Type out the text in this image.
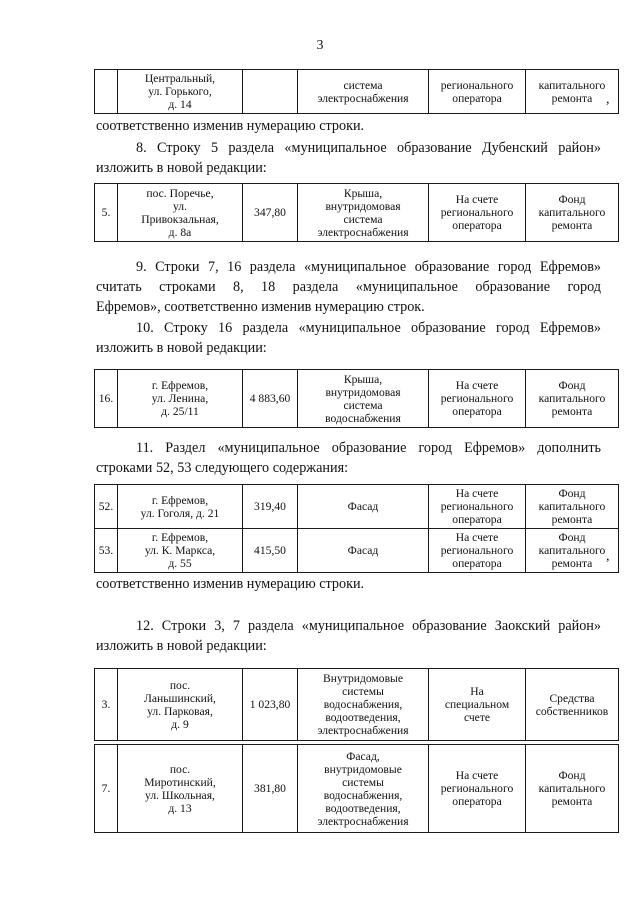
3
	Центральный,
ул. Горького,
д. 14		система
электроснабжения	регионального
оператора	капитального
ремонта ,
соответственно изменив нумерацию строки.
8. Строку 5 раздела «муниципальное образование Дубенский район»
изложить в новой редакции:
5.	пос. Поречье,
ул.
Привокзальная,
д. 8а	347,80	Крыша,
внутридомовая
система
электроснабжения	На счете
регионального
оператора	Фонд
капитального
ремонта
9. Строки 7, 16 раздела «муниципальное образование город Ефремов»
считать строками 8, 18 раздела «муниципальное образование город
Ефремов», соответственно изменив нумерацию строк.
10. Строку 16 раздела «муниципальное образование город Ефремов»
изложить в новой редакции:
16.	г. Ефремов,
ул. Ленина,
д. 25/11	4 883,60	Крыша,
внутридомовая
система
водоснабжения	На счете
регионального
оператора	Фонд
капитального
ремонта
11. Раздел «муниципальное образование город Ефремов» дополнить
строками 52, 53 следующего содержания:
52.	г. Ефремов,
ул. Гоголя, д. 21	319,40	Фасад	На счете
регионального
оператора	Фонд
капитального
ремонта
53.	г. Ефремов,
ул. К. Маркса,
д. 55	415,50	Фасад	На счете
регионального
оператора	Фонд
капитального
ремонта ,
соответственно изменив нумерацию строки.
12. Строки 3, 7 раздела «муниципальное образование Заокский район»
изложить в новой редакции:
3.	пос.
Ланьшинский,
ул. Парковая,
д. 9	1 023,80	Внутридомовые
системы
водоснабжения,
водоотведения,
электроснабжения	На
специальном
счете	Средства
собственников
7.	пос.
Миротинский,
ул. Школьная,
д. 13	381,80	Фасад,
внутридомовые
системы
водоснабжения,
водоотведения,
электроснабжения	На счете
регионального
оператора	Фонд
капитального
ремонта
